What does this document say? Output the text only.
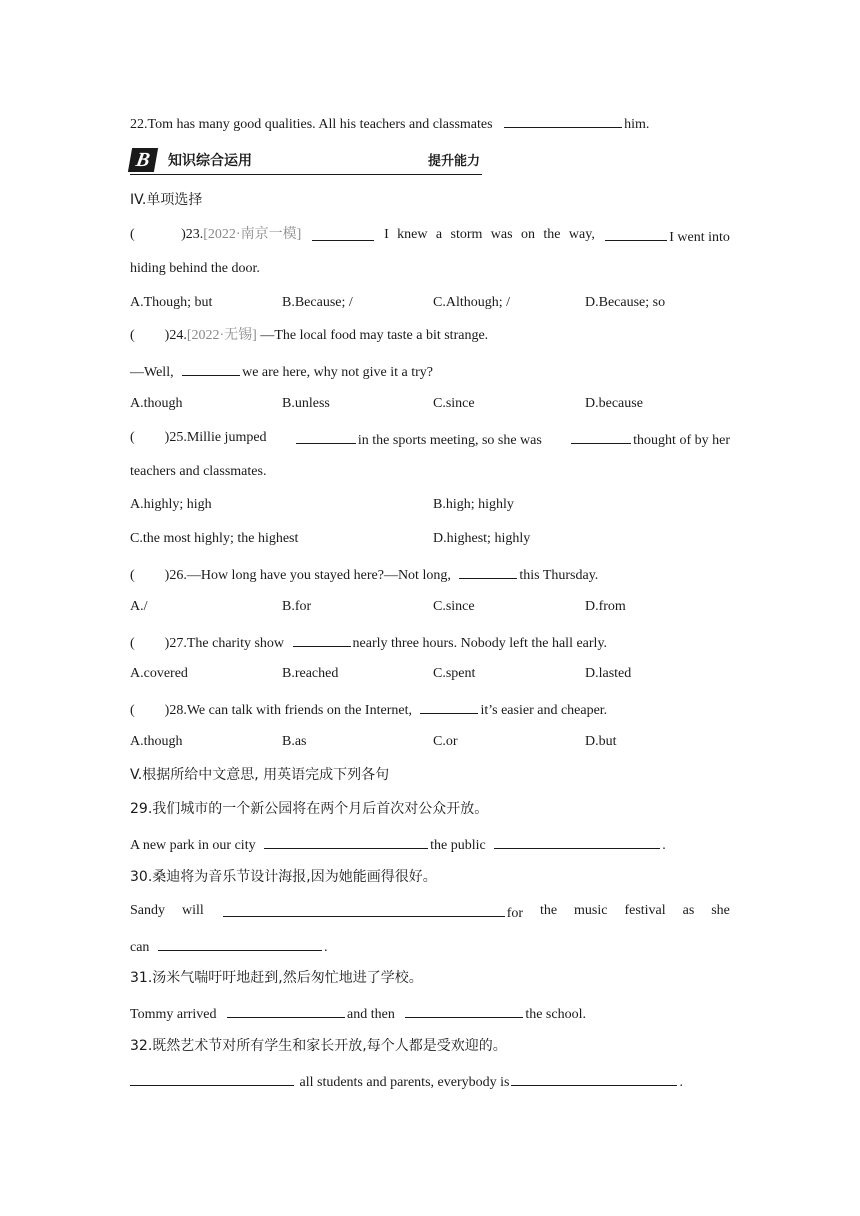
22.Tom has many good qualities. All his teachers and classmates	him.
B	知识综合运用	提升能力
IV.单项选择
(	)23.[2022·南京一模]	I knew a storm was on the way,	I went into
hiding behind the door.
A.Though; but	B.Because; /	C.Although; /	D.Because; so
( )24.[2022·无锡] —The local food may taste a bit strange.
—Well,	we are here, why not give it a try?
A.though	B.unless	C.since	D.because
( )25.Millie jumped	in the sports meeting, so she was	thought of by her
teachers and classmates.
A.highly; high	B.high; highly
C.the most highly; the highest	D.highest; highly
( )26.—How long have you stayed here?—Not long,	this Thursday.
A./	B.for	C.since	D.from
( )27.The charity show	nearly three hours. Nobody left the hall early.
A.covered	B.reached	C.spent	D.lasted
( )28.We can talk with friends on the Internet,	it’s easier and cheaper.
A.though	B.as	C.or	D.but
V.根据所给中文意思, 用英语完成下列各句
29.我们城市的一个新公园将在两个月后首次对公众开放。
A new park in our city	the public	.
30.桑迪将为音乐节设计海报,因为她能画得很好。
Sandy will	for the music festival as she
can	.
31.汤米气喘吁吁地赶到,然后匆忙地进了学校。
Tommy arrived	and then	the school.
32.既然艺术节对所有学生和家长开放,每个人都是受欢迎的。
all students and parents, everybody is	.
